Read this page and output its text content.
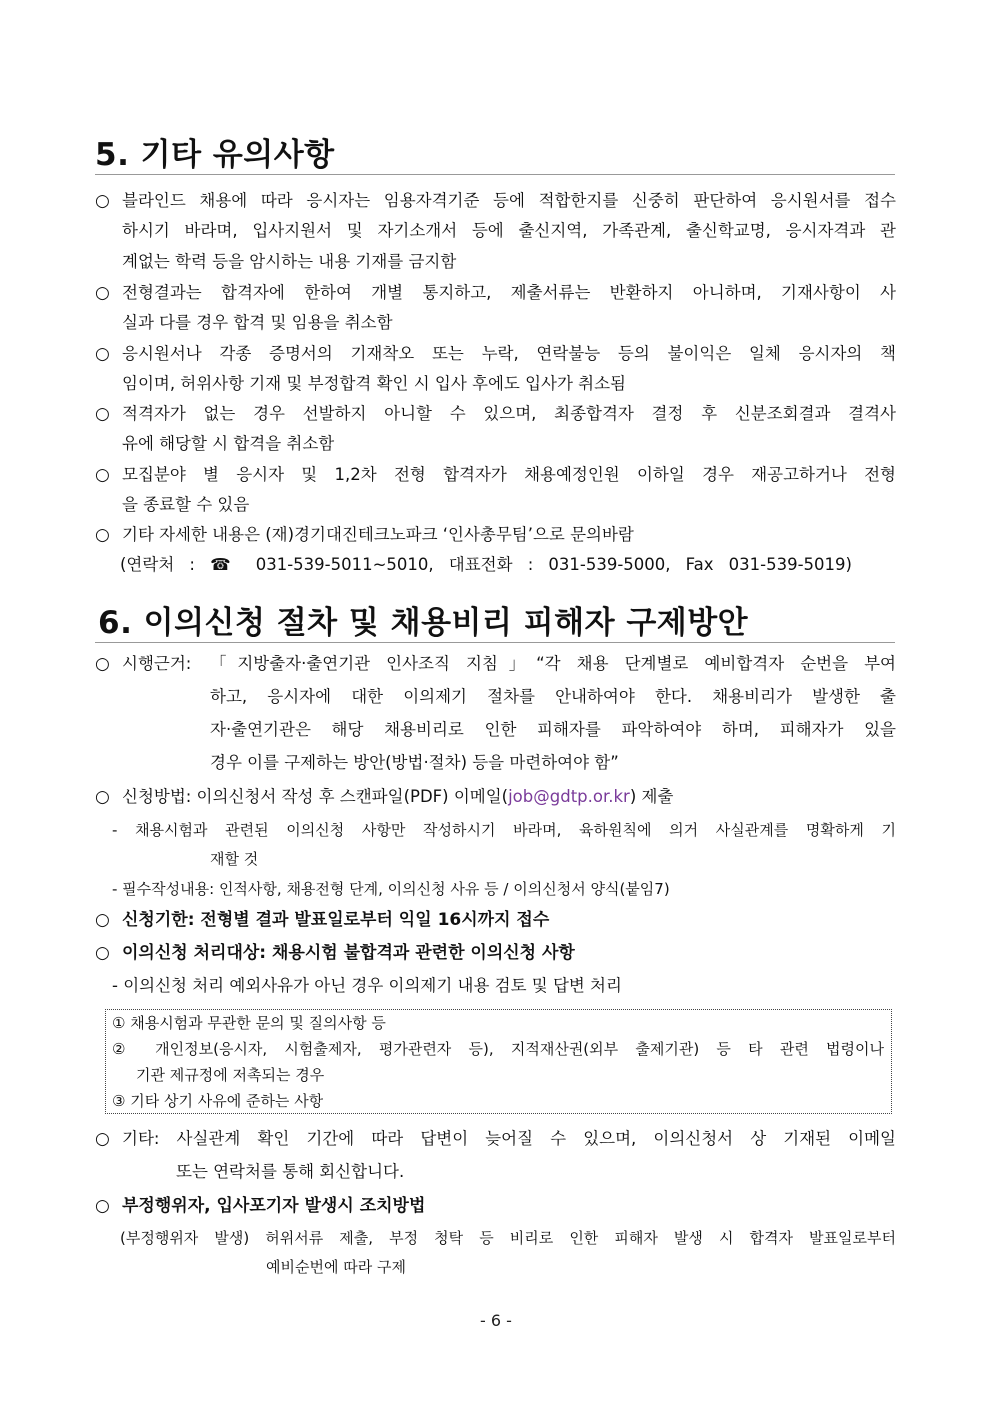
5. 기타 유의사항
○ 블라인드 채용에 따라 응시자는 임용자격기준 등에 적합한지를 신중히 판단하여 응시원서를 접수
하시기 바라며, 입사지원서 및 자기소개서 등에 출신지역, 가족관계, 출신학교명, 응시자격과 관
계없는 학력 등을 암시하는 내용 기재를 금지함
○ 전형결과는 합격자에 한하여 개별 통지하고, 제출서류는 반환하지 아니하며, 기재사항이 사
실과 다를 경우 합격 및 임용을 취소함
○ 응시원서나 각종 증명서의 기재착오 또는 누락, 연락불능 등의 불이익은 일체 응시자의 책
임이며, 허위사항 기재 및 부정합격 확인 시 입사 후에도 입사가 취소됨
○ 적격자가 없는 경우 선발하지 아니할 수 있으며, 최종합격자 결정 후 신분조회결과 결격사
유에 해당할 시 합격을 취소함
○ 모집분야 별 응시자 및 1,2차 전형 합격자가 채용예정인원 이하일 경우 재공고하거나 전형
을 종료할 수 있음
○ 기타 자세한 내용은 (재)경기대진테크노파크 ‘인사총무팀’으로 문의바람
(연락처 : ☎ 031-539-5011~5010, 대표전화 : 031-539-5000, Fax 031-539-5019)
6. 이의신청 절차 및 채용비리 피해자 구제방안
○ 시행근거: 「지방출자·출연기관 인사조직 지침」“각 채용 단계별로 예비합격자 순번을 부여
하고, 응시자에 대한 이의제기 절차를 안내하여야 한다. 채용비리가 발생한 출
자·출연기관은 해당 채용비리로 인한 피해자를 파악하여야 하며, 피해자가 있을
경우 이를 구제하는 방안(방법·절차) 등을 마련하여야 함”
○ 신청방법: 이의신청서 작성 후 스캔파일(PDF) 이메일(job@gdtp.or.kr) 제출
- 채용시험과 관련된 이의신청 사항만 작성하시기 바라며, 육하원칙에 의거 사실관계를 명확하게 기
재할 것
- 필수작성내용: 인적사항, 채용전형 단계, 이의신청 사유 등 / 이의신청서 양식(붙임7)
○ 신청기한: 전형별 결과 발표일로부터 익일 16시까지 접수
○ 이의신청 처리대상: 채용시험 불합격과 관련한 이의신청 사항
- 이의신청 처리 예외사유가 아닌 경우 이의제기 내용 검토 및 답변 처리
① 채용시험과 무관한 문의 및 질의사항 등
② 개인정보(응시자, 시험출제자, 평가관련자 등), 지적재산권(외부 출제기관) 등 타 관련 법령이나
기관 제규정에 저촉되는 경우
③ 기타 상기 사유에 준하는 사항
○ 기타: 사실관계 확인 기간에 따라 답변이 늦어질 수 있으며, 이의신청서 상 기재된 이메일
또는 연락처를 통해 회신합니다.
○ 부정행위자, 입사포기자 발생시 조치방법
(부정행위자 발생) 허위서류 제출, 부정 청탁 등 비리로 인한 피해자 발생 시 합격자 발표일로부터
예비순번에 따라 구제
- 6 -
